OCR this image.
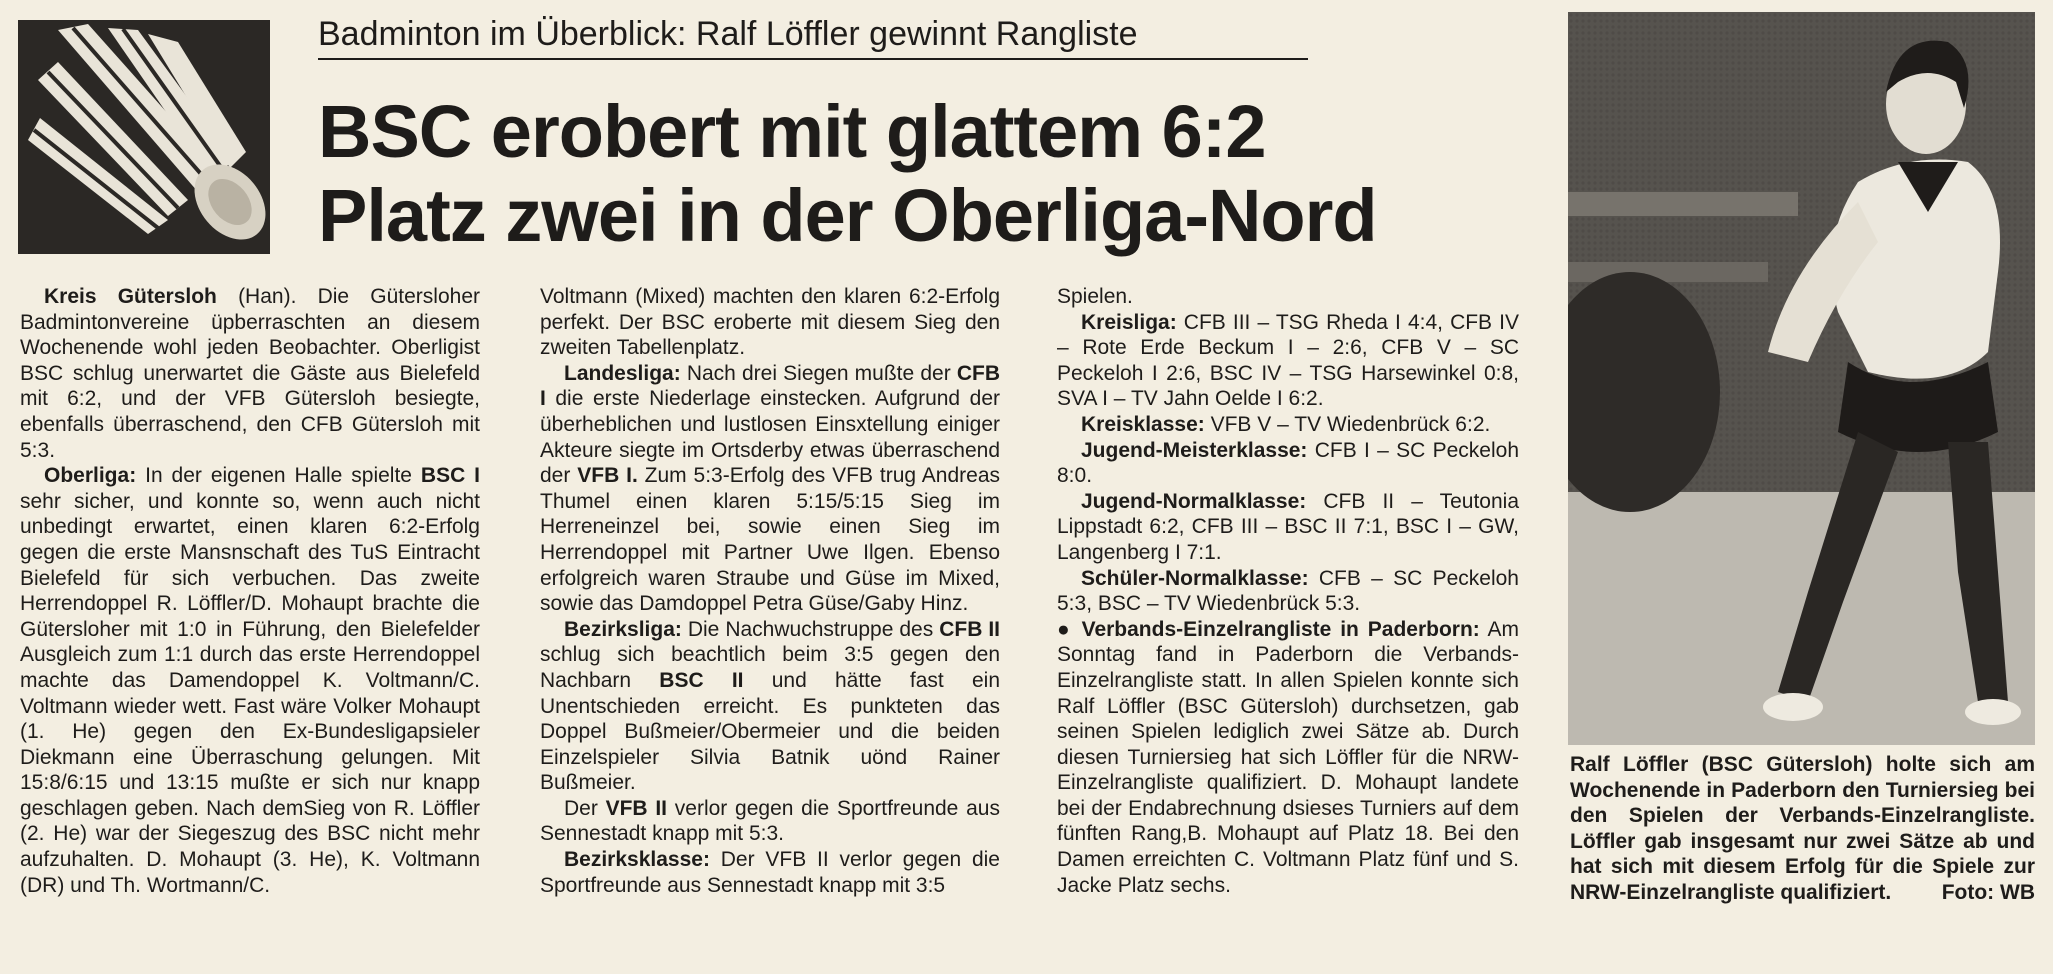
Badminton im Überblick: Ralf Löffler gewinnt Rangliste
BSC erobert mit glattem 6:2
Platz zwei in der Oberliga-Nord

Kreis Gütersloh (Han). Die Gütersloher Badmintonvereine üpberraschten an diesem Wochenende wohl jeden Beobachter. Oberligist BSC schlug unerwartet die Gäste aus Bielefeld mit 6:2, und der VFB Gütersloh besiegte, ebenfalls überraschend, den CFB Gütersloh mit 5:3.

Oberliga: In der eigenen Halle spielte BSC I sehr sicher, und konnte so, wenn auch nicht unbedingt erwartet, einen klaren 6:2-Erfolg gegen die erste Mansnschaft des TuS Eintracht Bielefeld für sich verbuchen. Das zweite Herrendoppel R. Löffler/D. Mohaupt brachte die Gütersloher mit 1:0 in Führung, den Bielefelder Ausgleich zum 1:1 durch das erste Herrendoppel machte das Damendoppel K. Voltmann/C. Voltmann wieder wett. Fast wäre Volker Mohaupt (1. He) gegen den Ex-Bundesligapsieler Diekmann eine Überraschung gelungen. Mit 15:8/6:15 und 13:15 mußte er sich nur knapp geschlagen geben. Nach demSieg von R. Löffler (2. He) war der Siegeszug des BSC nicht mehr aufzuhalten. D. Mohaupt (3. He), K. Voltmann (DR) und Th. Wortmann/C.

Voltmann (Mixed) machten den klaren 6:2-Erfolg perfekt. Der BSC eroberte mit diesem Sieg den zweiten Tabellenplatz.

Landesliga: Nach drei Siegen mußte der CFB I die erste Niederlage einstecken. Aufgrund der überheblichen und lustlosen Einsxtellung einiger Akteure siegte im Ortsderby etwas überraschend der VFB I. Zum 5:3-Erfolg des VFB trug Andreas Thumel einen klaren 5:15/5:15 Sieg im Herreneinzel bei, sowie einen Sieg im Herrendoppel mit Partner Uwe Ilgen. Ebenso erfolgreich waren Straube und Güse im Mixed, sowie das Damdoppel Petra Güse/Gaby Hinz.

Bezirksliga: Die Nachwuchstruppe des CFB II schlug sich beachtlich beim 3:5 gegen den Nachbarn BSC II und hätte fast ein Unentschieden erreicht. Es punkteten das Doppel Bußmeier/Obermeier und die beiden Einzelspieler Silvia Batnik uönd Rainer Bußmeier.

Der VFB II verlor gegen die Sportfreunde aus Sennestadt knapp mit 5:3.

Bezirksklasse: Der VFB II verlor gegen die Sportfreunde aus Sennestadt knapp mit 3:5

Spielen.

Kreisliga: CFB III – TSG Rheda I 4:4, CFB IV – Rote Erde Beckum I – 2:6, CFB V – SC Peckeloh I 2:6, BSC IV – TSG Harsewinkel 0:8, SVA I – TV Jahn Oelde I 6:2.

Kreisklasse: VFB V – TV Wiedenbrück 6:2.

Jugend-Meisterklasse: CFB I – SC Peckeloh 8:0.

Jugend-Normalklasse: CFB II – Teutonia Lippstadt 6:2, CFB III – BSC II 7:1, BSC I – GW, Langenberg I 7:1.

Schüler-Normalklasse: CFB – SC Peckeloh 5:3, BSC – TV Wiedenbrück 5:3.

● Verbands-Einzelrangliste in Paderborn: Am Sonntag fand in Paderborn die Verbands-Einzelrangliste statt. In allen Spielen konnte sich Ralf Löffler (BSC Gütersloh) durchsetzen, gab seinen Spielen lediglich zwei Sätze ab. Durch diesen Turniersieg hat sich Löffler für die NRW-Einzelrangliste qualifiziert. D. Mohaupt landete bei der Endabrechnung dsieses Turniers auf dem fünften Rang,B. Mohaupt auf Platz 18. Bei den Damen erreichten C. Voltmann Platz fünf und S. Jacke Platz sechs.

Ralf Löffler (BSC Gütersloh) holte sich am Wochenende in Paderborn den Turniersieg bei den Spielen der Verbands-Einzelrangliste. Löffler gab insgesamt nur zwei Sätze ab und hat sich mit diesem Erfolg für die Spiele zur NRW-Einzelrangliste qualifiziert. Foto: WB
